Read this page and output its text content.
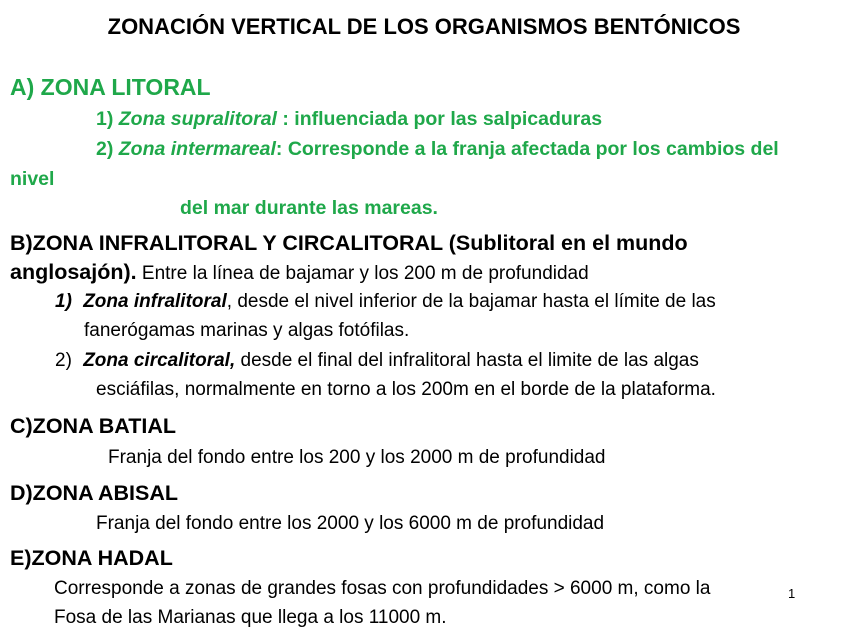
ZONACIÓN VERTICAL DE LOS ORGANISMOS BENTÓNICOS
A) ZONA LITORAL
1) Zona supralitoral : influenciada por las salpicaduras
2) Zona intermareal: Corresponde a la franja afectada por los cambios del
nivel
del mar durante las mareas.
B)ZONA INFRALITORAL Y CIRCALITORAL (Sublitoral en el mundo
anglosajón). Entre la línea de bajamar y los 200 m de profundidad
1) Zona infralitoral, desde el nivel inferior de la bajamar hasta el límite de las
fanerógamas marinas y algas fotófilas.
2) Zona circalitoral, desde el final del infralitoral hasta el limite de las algas
esciáfilas, normalmente en torno a los 200m en el borde de la plataforma.
C)ZONA BATIAL
Franja del fondo entre los 200 y los 2000 m de profundidad
D)ZONA ABISAL
Franja del fondo entre los 2000 y los 6000 m de profundidad
E)ZONA HADAL
Corresponde a zonas de grandes fosas con profundidades > 6000 m, como la
Fosa de las Marianas que llega a los 11000 m.
1
